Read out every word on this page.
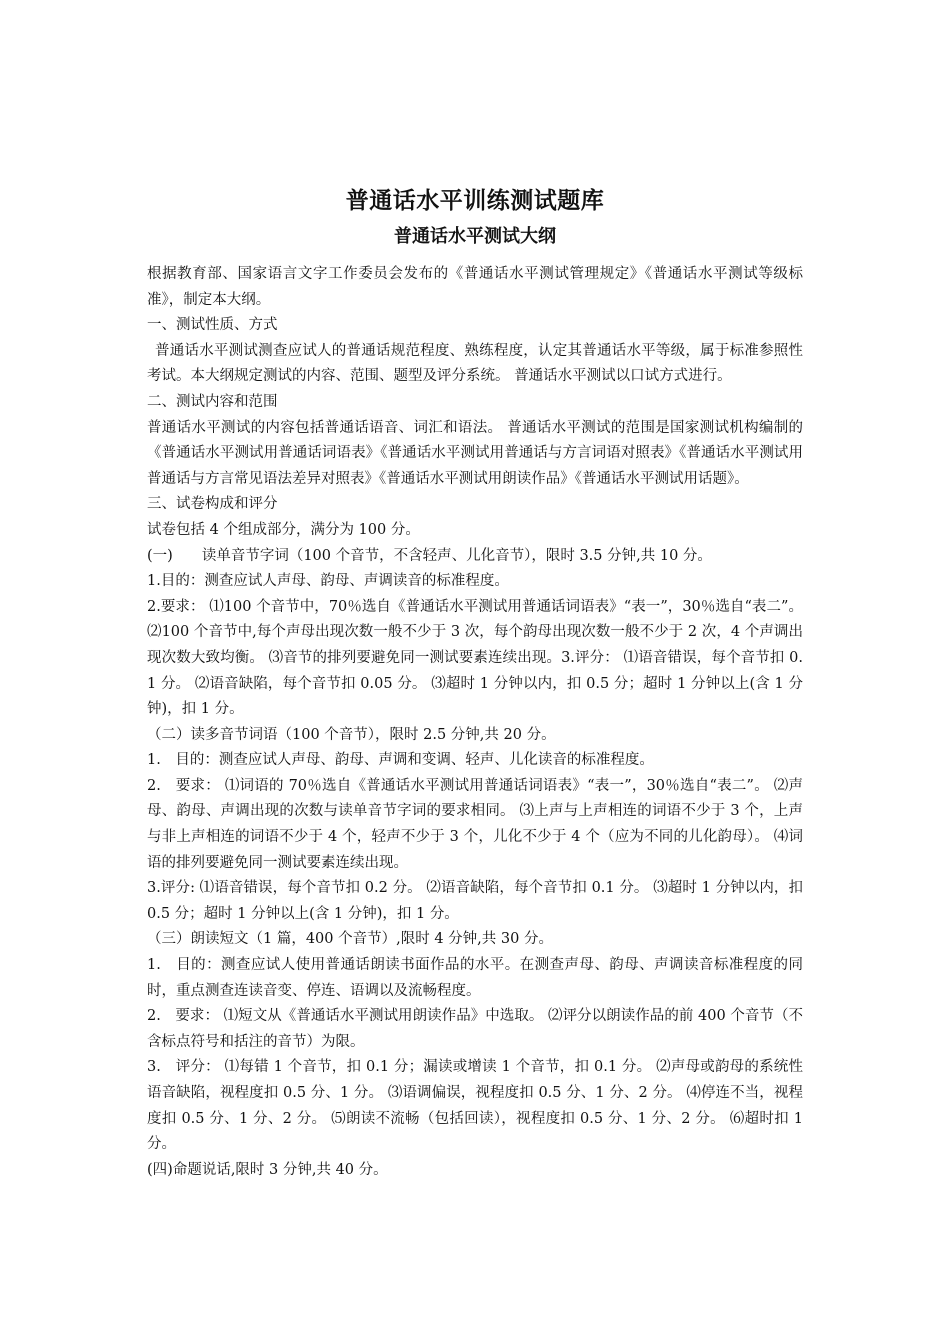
普通话水平训练测试题库
普通话水平测试大纲

根据教育部、国家语言文字工作委员会发布的《普通话水平测试管理规定》《普通话水平测试等级标准》，制定本大纲。

一、测试性质、方式

普通话水平测试测查应试人的普通话规范程度、熟练程度，认定其普通话水平等级，属于标准参照性考试。本大纲规定测试的内容、范围、题型及评分系统。 普通话水平测试以口试方式进行。

二、测试内容和范围

普通话水平测试的内容包括普通话语音、词汇和语法。 普通话水平测试的范围是国家测试机构编制的《普通话水平测试用普通话词语表》《普通话水平测试用普通话与方言词语对照表》《普通话水平测试用普通话与方言常见语法差异对照表》《普通话水平测试用朗读作品》《普通话水平测试用话题》。

三、试卷构成和评分

试卷包括 4 个组成部分，满分为 100 分。

(一)　　读单音节字词（100 个音节，不含轻声、儿化音节），限时 3.5 分钟,共 10 分。

1.目的：测查应试人声母、韵母、声调读音的标准程度。

2.要求： ⑴100 个音节中，70％选自《普通话水平测试用普通话词语表》“表一”，30％选自“表二”。 ⑵100 个音节中,每个声母出现次数一般不少于 3 次，每个韵母出现次数一般不少于 2 次，4 个声调出现次数大致均衡。 ⑶音节的排列要避免同一测试要素连续出现。3.评分： ⑴语音错误，每个音节扣 0.1 分。 ⑵语音缺陷，每个音节扣 0.05 分。 ⑶超时 1 分钟以内，扣 0.5 分；超时 1 分钟以上(含 1 分钟)，扣 1 分。

（二）读多音节词语（100 个音节），限时 2.5 分钟,共 20 分。

1.　目的：测查应试人声母、韵母、声调和变调、轻声、儿化读音的标准程度。

2.　要求： ⑴词语的 70％选自《普通话水平测试用普通话词语表》“表一”，30％选自“表二”。 ⑵声母、韵母、声调出现的次数与读单音节字词的要求相同。 ⑶上声与上声相连的词语不少于 3 个，上声与非上声相连的词语不少于 4 个，轻声不少于 3 个，儿化不少于 4 个（应为不同的儿化韵母）。 ⑷词语的排列要避免同一测试要素连续出现。

3.评分: ⑴语音错误，每个音节扣 0.2 分。 ⑵语音缺陷，每个音节扣 0.1 分。 ⑶超时 1 分钟以内，扣 0.5 分；超时 1 分钟以上(含 1 分钟)，扣 1 分。

（三）朗读短文（1 篇，400 个音节）,限时 4 分钟,共 30 分。

1.　目的：测查应试人使用普通话朗读书面作品的水平。在测查声母、韵母、声调读音标准程度的同时，重点测查连读音变、停连、语调以及流畅程度。

2.　要求： ⑴短文从《普通话水平测试用朗读作品》中选取。 ⑵评分以朗读作品的前 400 个音节（不含标点符号和括注的音节）为限。

3.　评分： ⑴每错 1 个音节，扣 0.1 分；漏读或增读 1 个音节，扣 0.1 分。 ⑵声母或韵母的系统性语音缺陷，视程度扣 0.5 分、1 分。 ⑶语调偏误，视程度扣 0.5 分、1 分、2 分。 ⑷停连不当，视程度扣 0.5 分、1 分、2 分。 ⑸朗读不流畅（包括回读），视程度扣 0.5 分、1 分、2 分。 ⑹超时扣 1 分。

(四)命题说话,限时 3 分钟,共 40 分。
